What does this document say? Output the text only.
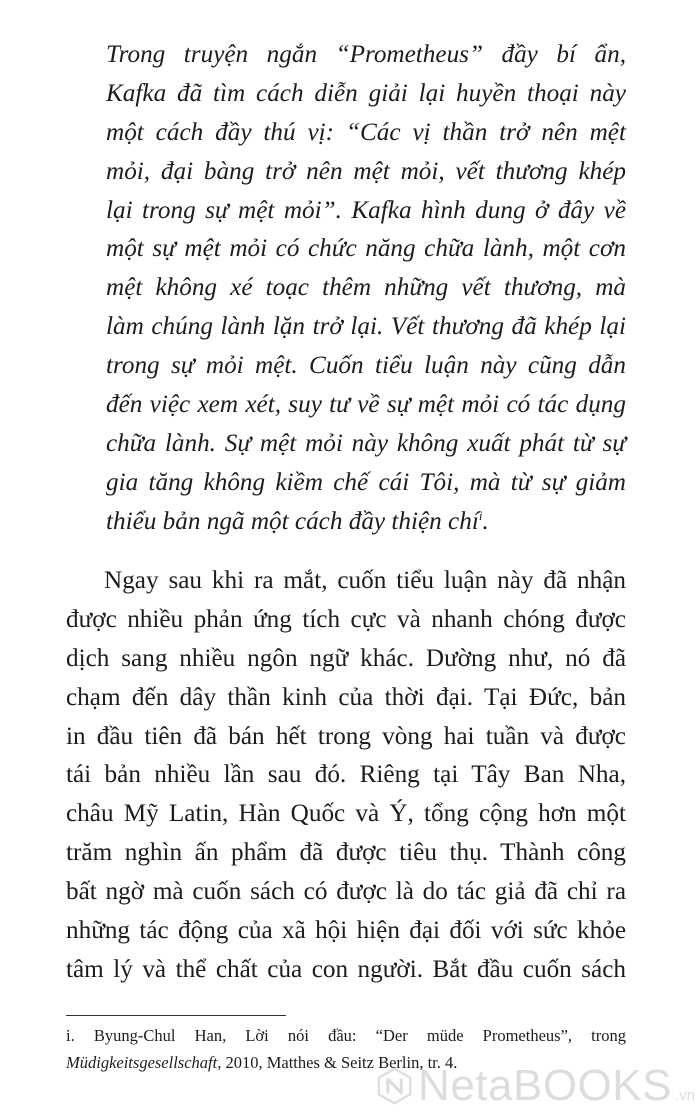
Trong truyện ngắn “Prometheus” đầy bí ẩn,
Kafka đã tìm cách diễn giải lại huyền thoại này
một cách đầy thú vị: “Các vị thần trở nên mệt
mỏi, đại bàng trở nên mệt mỏi, vết thương khép
lại trong sự mệt mỏi”. Kafka hình dung ở đây về
một sự mệt mỏi có chức năng chữa lành, một cơn
mệt không xé toạc thêm những vết thương, mà
làm chúng lành lặn trở lại. Vết thương đã khép lại
trong sự mỏi mệt. Cuốn tiểu luận này cũng dẫn
đến việc xem xét, suy tư về sự mệt mỏi có tác dụng
chữa lành. Sự mệt mỏi này không xuất phát từ sự
gia tăng không kiềm chế cái Tôi, mà từ sự giảm
thiểu bản ngã một cách đầy thiện chí$^i$.
Ngay sau khi ra mắt, cuốn tiểu luận này đã nhận
được nhiều phản ứng tích cực và nhanh chóng được
dịch sang nhiều ngôn ngữ khác. Dường như, nó đã
chạm đến dây thần kinh của thời đại. Tại Đức, bản
in đầu tiên đã bán hết trong vòng hai tuần và được
tái bản nhiều lần sau đó. Riêng tại Tây Ban Nha,
châu Mỹ Latin, Hàn Quốc và Ý, tổng cộng hơn một
trăm nghìn ấn phẩm đã được tiêu thụ. Thành công
bất ngờ mà cuốn sách có được là do tác giả đã chỉ ra
những tác động của xã hội hiện đại đối với sức khỏe
tâm lý và thể chất của con người. Bắt đầu cuốn sách
i. Byung-Chul Han, Lời nói đầu: “Der müde Prometheus”, trong
Müdigkeitsgesellschaft, 2010, Matthes & Seitz Berlin, tr. 4.
NetaBOOKS .vn
